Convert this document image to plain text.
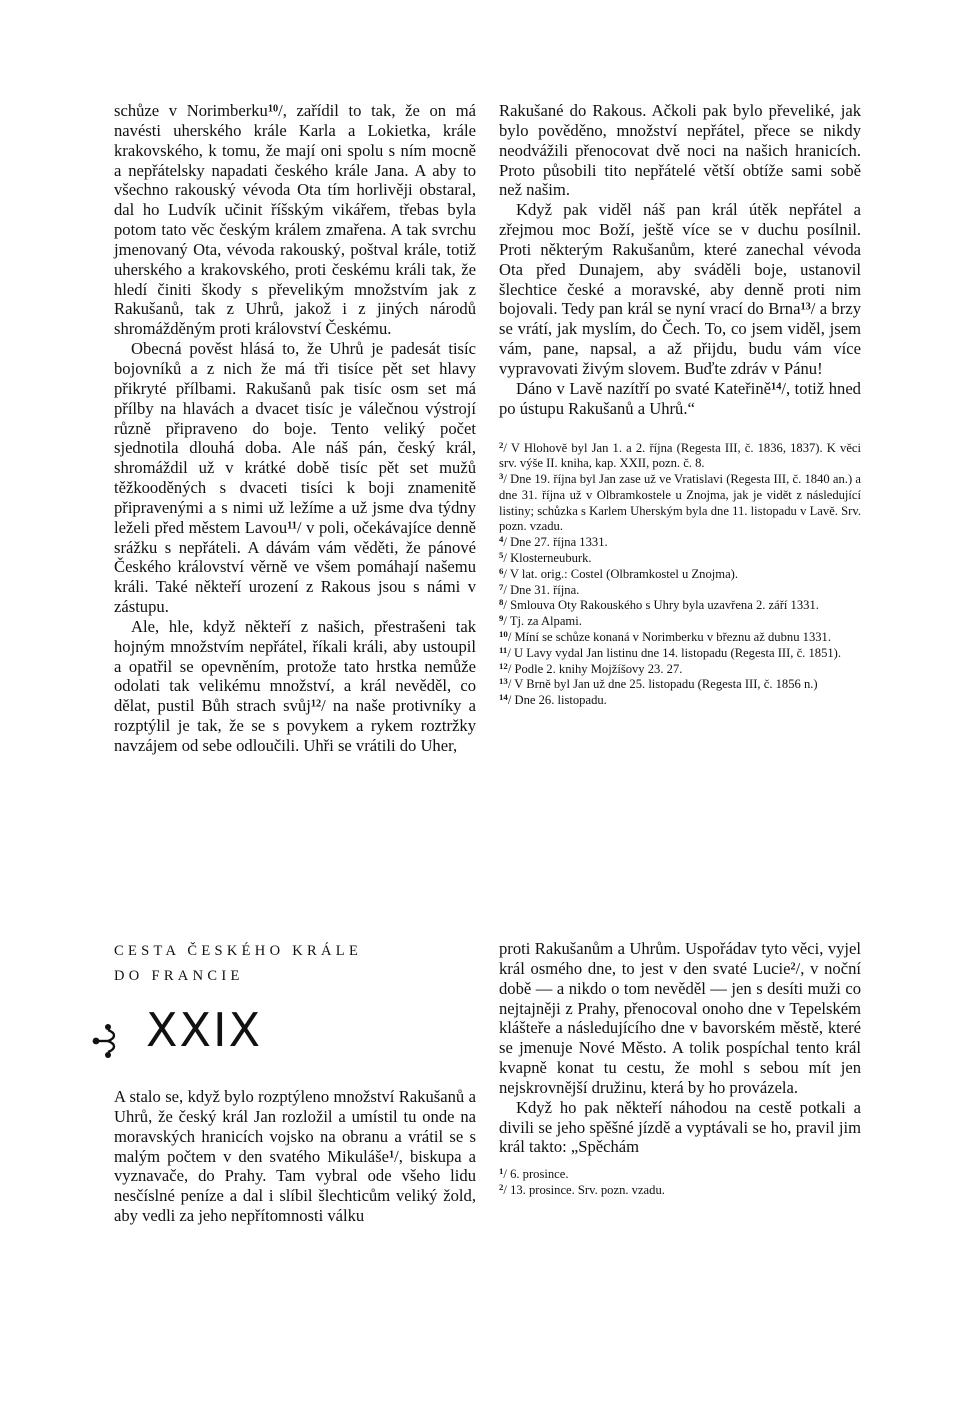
schůze v Norimberku$^{10}$/, zařídil to tak, že on má navésti uherského krále Karla a Lokietka, krále krakovského, k tomu, že mají oni spolu s ním mocně a nepřátelsky napadati českého krále Jana. A aby to všechno rakouský vévoda Ota tím horlivěji obstaral, dal ho Ludvík učinit říšským vikářem, třebas byla potom tato věc českým králem zmařena. A tak svrchu jmenovaný Ota, vévoda rakouský, poštval krále, totiž uherského a krakovského, proti českému králi tak, že hledí činiti škody s převelikým množstvím jak z Rakušanů, tak z Uhrů, jakož i z jiných národů shromážděným proti království Českému.

Obecná pověst hlásá to, že Uhrů je padesát tisíc bojovníků a z nich že má tři tisíce pět set hlavy přikryté přílbami. Rakušanů pak tisíc osm set má přílby na hlavách a dvacet tisíc je válečnou výstrojí různě připraveno do boje. Tento veliký počet sjednotila dlouhá doba. Ale náš pán, český král, shromáždil už v krátké době tisíc pět set mužů těžkooděných s dvaceti tisíci k boji znamenitě připravenými a s nimi už ležíme a už jsme dva týdny leželi před městem Lavou$^{11}$/ v poli, očekávajíce denně srážku s nepřáteli. A dávám vám věděti, že pánové Českého království věrně ve všem pomáhají našemu králi. Také někteří urození z Rakous jsou s námi v zástupu.

Ale, hle, když někteří z našich, přestrašeni tak hojným množstvím nepřátel, říkali králi, aby ustoupil a opatřil se opevněním, protože tato hrstka nemůže odolati tak velikému množství, a král nevěděl, co dělat, pustil Bůh strach svůj$^{12}$/ na naše protivníky a rozptýlil je tak, že se s povykem a rykem roztržky navzájem od sebe odloučili. Uhři se vrátili do Uher,

Rakušané do Rakous. Ačkoli pak bylo převeliké, jak bylo pověděno, množství nepřátel, přece se nikdy neodvážili přenocovat dvě noci na našich hranicích. Proto působili tito nepřátelé větší obtíže sami sobě než našim.

Když pak viděl náš pan král útěk nepřátel a zřejmou moc Boží, ještě více se v duchu posílnil. Proti některým Rakušanům, které zanechal vévoda Ota před Dunajem, aby sváděli boje, ustanovil šlechtice české a moravské, aby denně proti nim bojovali. Tedy pan král se nyní vrací do Brna$^{13}$/ a brzy se vrátí, jak myslím, do Čech. To, co jsem viděl, jsem vám, pane, napsal, a až přijdu, budu vám více vypravovati živým slovem. Buďte zdráv v Pánu!

Dáno v Lavě nazítří po svaté Kateřině$^{14}$/, totiž hned po ústupu Rakušanů a Uhrů.“

$^2$/ V Hlohově byl Jan 1. a 2. října (Regesta III, č. 1836, 1837). K věci srv. výše II. kniha, kap. XXII, pozn. č. 8.

$^3$/ Dne 19. října byl Jan zase už ve Vratislavi (Regesta III, č. 1840 an.) a dne 31. října už v Olbramkostele u Znojma, jak je vidět z následující listiny; schůzka s Karlem Uherským byla dne 11. listopadu v Lavě. Srv. pozn. vzadu.

$^4$/ Dne 27. října 1331.

$^5$/ Klosterneuburk.

$^6$/ V lat. orig.: Costel (Olbramkostel u Znojma).

$^7$/ Dne 31. října.

$^8$/ Smlouva Oty Rakouského s Uhry byla uzavřena 2. září 1331.

$^9$/ Tj. za Alpami.

$^{10}$/ Míní se schůze konaná v Norimberku v březnu až dubnu 1331.

$^{11}$/ U Lavy vydal Jan listinu dne 14. listopadu (Regesta III, č. 1851).

$^{12}$/ Podle 2. knihy Mojžíšovy 23. 27.

$^{13}$/ V Brně byl Jan už dne 25. listopadu (Regesta III, č. 1856 n.)

$^{14}$/ Dne 26. listopadu.

CESTA ČESKÉHO KRÁLE
DO FRANCIE

XXIX

A stalo se, když bylo rozptýleno množství Rakušanů a Uhrů, že český král Jan rozložil a umístil tu onde na moravských hranicích vojsko na obranu a vrátil se s malým počtem v den svatého Mikuláše$^1$/, biskupa a vyznavače, do Prahy. Tam vybral ode všeho lidu nesčíslné peníze a dal i slíbil šlechticům veliký žold, aby vedli za jeho nepřítomnosti válku

proti Rakušanům a Uhrům. Uspořádav tyto věci, vyjel král osmého dne, to jest v den svaté Lucie$^2$/, v noční době — a nikdo o tom nevěděl — jen s desíti muži co nejtajněji z Prahy, přenocoval onoho dne v Tepelském klášteře a následujícího dne v bavorském městě, které se jmenuje Nové Město. A tolik pospíchal tento král kvapně konat tu cestu, že mohl s sebou mít jen nejskrovnější družinu, která by ho provázela.

Když ho pak někteří náhodou na cestě potkali a divili se jeho spěšné jízdě a vyptávali se ho, pravil jim král takto: „Spěchám

$^1$/ 6. prosince.

$^2$/ 13. prosince. Srv. pozn. vzadu.
